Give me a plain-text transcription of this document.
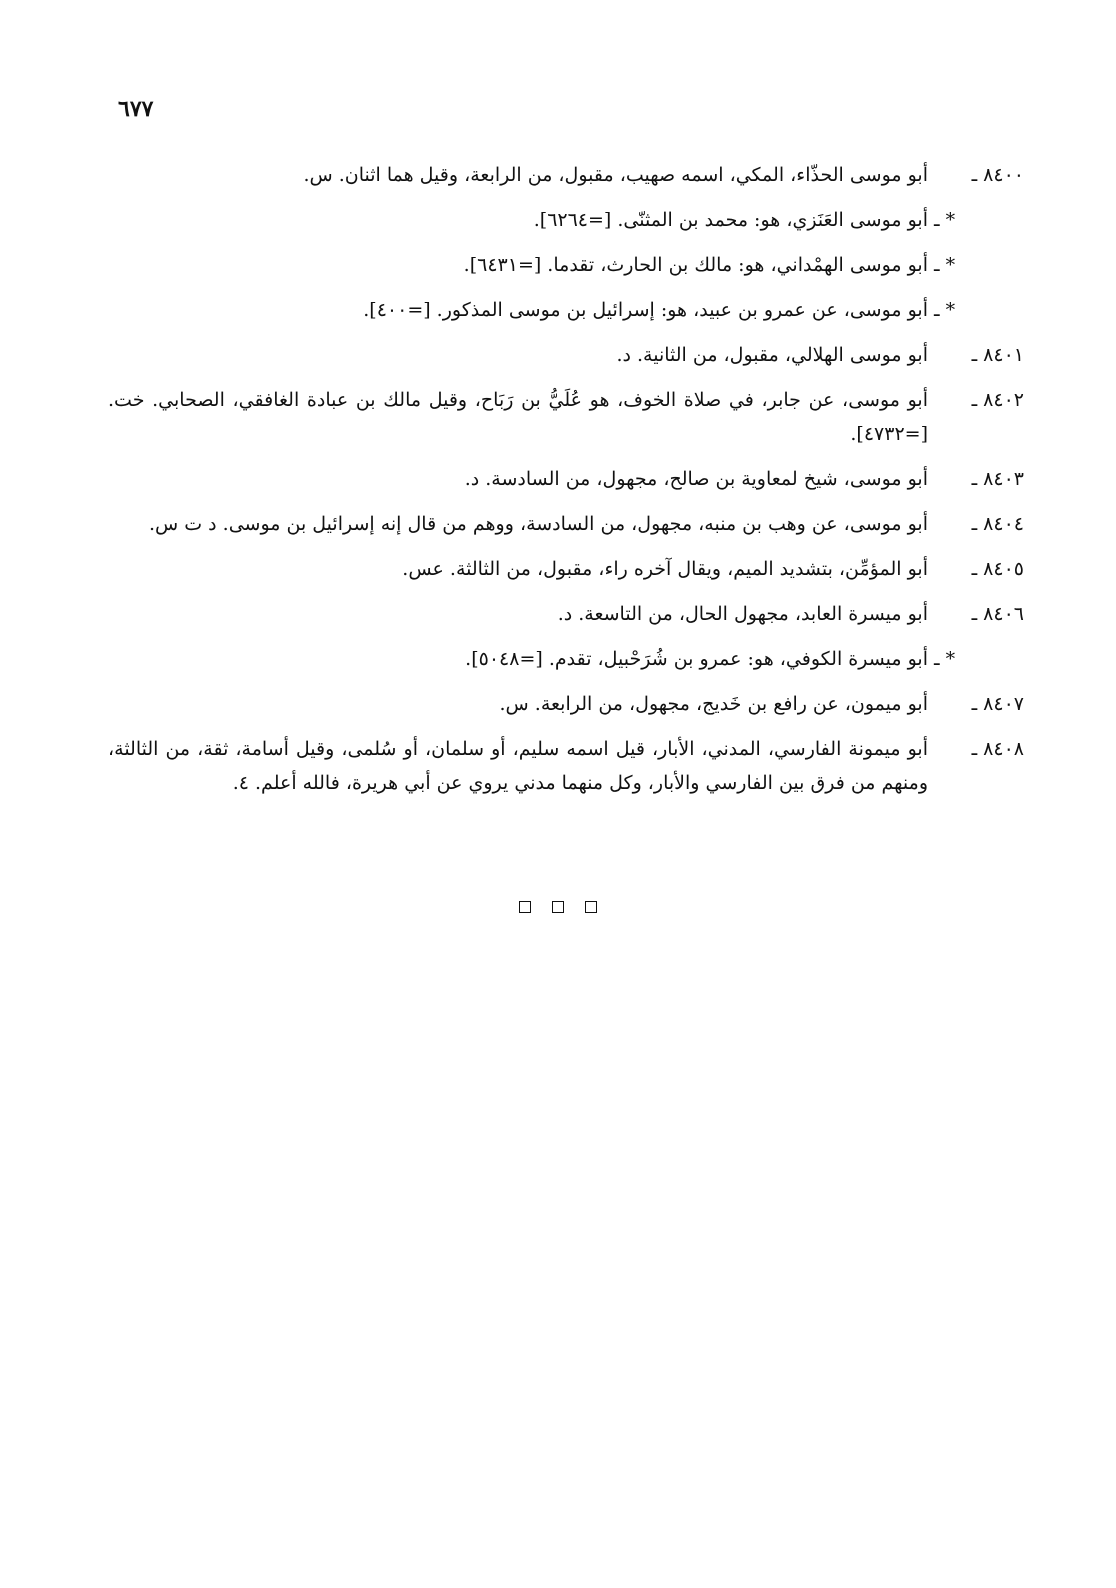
٦٧٧
٨٤٠٠ ـ
أبو موسى الحذّاء، المكي، اسمه صهيب، مقبول، من الرابعة، وقيل هما اثنان. س.
* ـ
أبو موسى العَنَزي، هو: محمد بن المثنّى. [=٦٢٦٤].
* ـ
أبو موسى الهمْداني، هو: مالك بن الحارث، تقدما. [=٦٤٣١].
* ـ
أبو موسى، عن عمرو بن عبيد، هو: إسرائيل بن موسى المذكور. [=٤٠٠].
٨٤٠١ ـ
أبو موسى الهلالي، مقبول، من الثانية. د.
٨٤٠٢ ـ
أبو موسى، عن جابر، في صلاة الخوف، هو عُلَيُّ بن رَبَاح، وقيل مالك بن عبادة الغافقي، الصحابي. خت. [=٤٧٣٢].
٨٤٠٣ ـ
أبو موسى، شيخ لمعاوية بن صالح، مجهول، من السادسة. د.
٨٤٠٤ ـ
أبو موسى، عن وهب بن منبه، مجهول، من السادسة، ووهم من قال إنه إسرائيل بن موسى. د ت س.
٨٤٠٥ ـ
أبو المؤمِّن، بتشديد الميم، ويقال آخره راء، مقبول، من الثالثة. عس.
٨٤٠٦ ـ
أبو ميسرة العابد، مجهول الحال، من التاسعة. د.
* ـ
أبو ميسرة الكوفي، هو: عمرو بن شُرَحْبيل، تقدم. [=٥٠٤٨].
٨٤٠٧ ـ
أبو ميمون، عن رافع بن خَديج، مجهول، من الرابعة. س.
٨٤٠٨ ـ
أبو ميمونة الفارسي، المدني، الأبار، قيل اسمه سليم، أو سلمان، أو سُلمى، وقيل أسامة، ثقة، من الثالثة، ومنهم من فرق بين الفارسي والأبار، وكل منهما مدني يروي عن أبي هريرة، فالله أعلم. ٤.
